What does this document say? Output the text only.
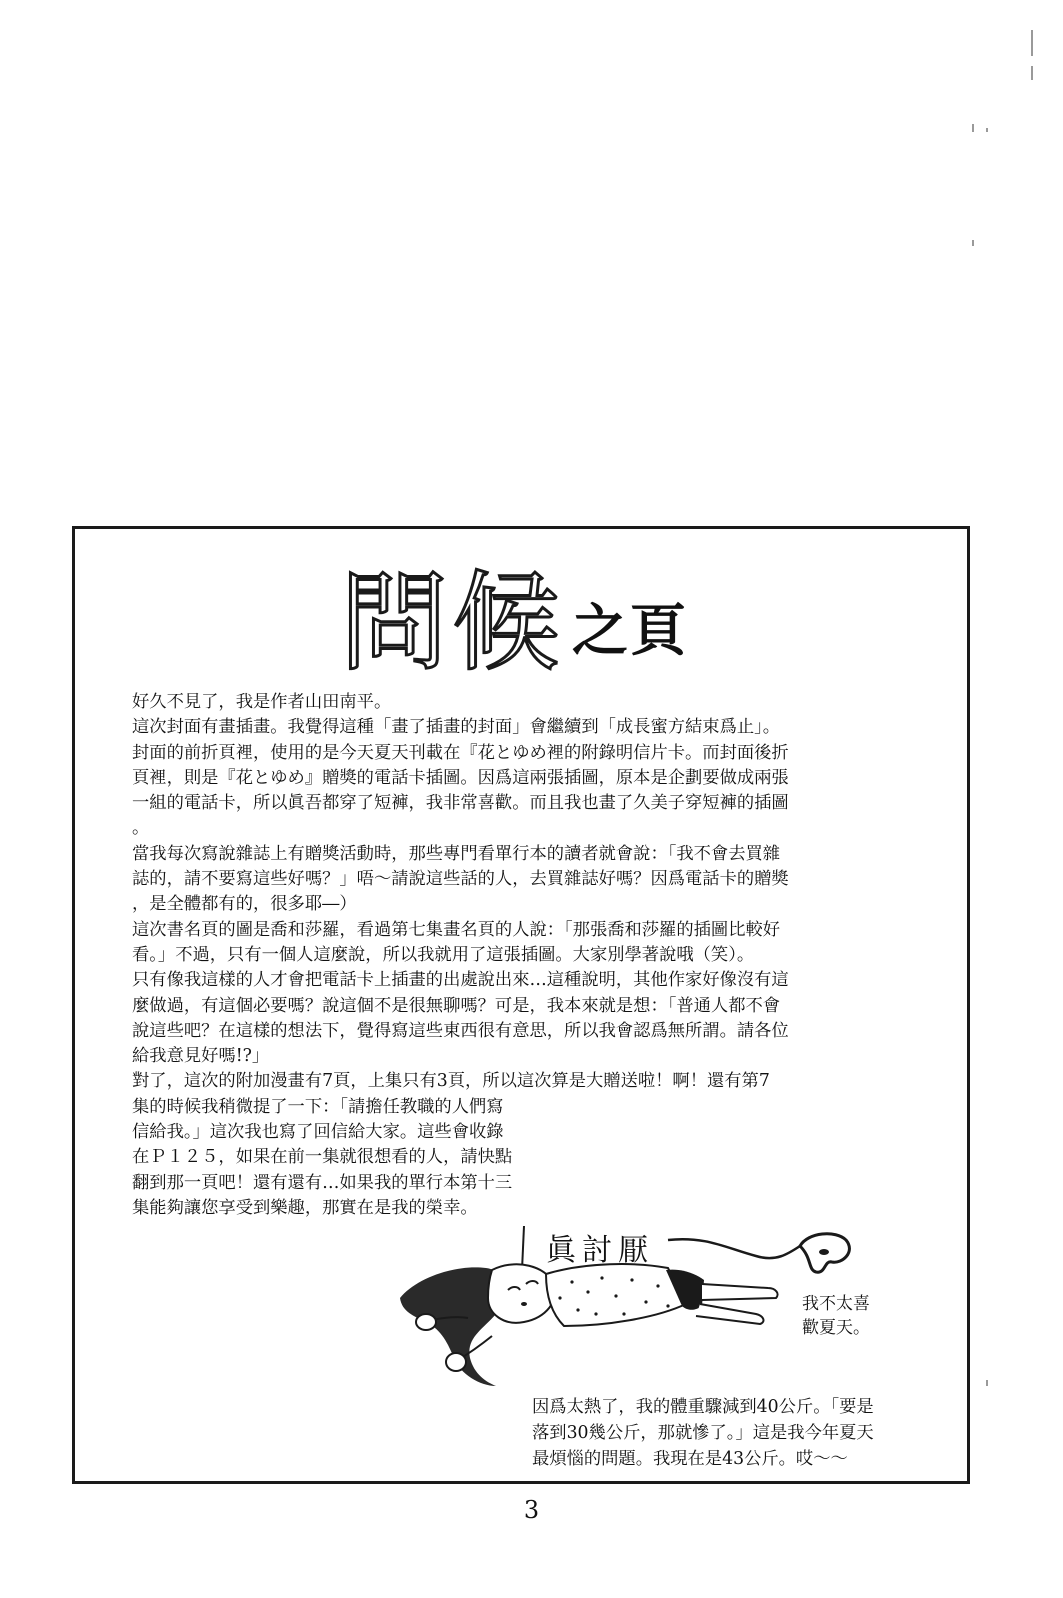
問候 之頁
好久不見了，我是作者山田南平。
這次封面有畫插畫。我覺得這種「畫了插畫的封面」會繼續到「成長蜜方結束爲止」。
封面的前折頁裡，使用的是今天夏天刊載在『花とゆめ裡的附錄明信片卡。而封面後折
頁裡，則是『花とゆめ』贈獎的電話卡插圖。因爲這兩張插圖，原本是企劃要做成兩張
一組的電話卡，所以眞吾都穿了短褲，我非常喜歡。而且我也畫了久美子穿短褲的插圖
。
當我每次寫說雜誌上有贈獎活動時，那些專門看單行本的讀者就會說：「我不會去買雜
誌的，請不要寫這些好嗎？」唔～請說這些話的人，去買雜誌好嗎？因爲電話卡的贈獎
，是全體都有的，很多耶―）
這次書名頁的圖是喬和莎羅，看過第七集畫名頁的人說：「那張喬和莎羅的插圖比較好
看。」不過，只有一個人這麼說，所以我就用了這張插圖。大家別學著說哦（笑）。
只有像我這樣的人才會把電話卡上插畫的出處說出來…這種說明，其他作家好像沒有這
麼做過，有這個必要嗎？說這個不是很無聊嗎？可是，我本來就是想：「普通人都不會
說這些吧？在這樣的想法下，覺得寫這些東西很有意思，所以我會認爲無所謂。請各位
給我意見好嗎!?」
對了，這次的附加漫畫有7頁，上集只有3頁，所以這次算是大贈送啦！啊！還有第7
集的時候我稍微提了一下：「請擔任教職的人們寫
信給我。」這次我也寫了回信給大家。這些會收錄
在Ｐ１２５，如果在前一集就很想看的人，請快點
翻到那一頁吧！還有還有…如果我的單行本第十三
集能夠讓您享受到樂趣，那實在是我的榮幸。
眞討厭
我不太喜
歡夏天。
因爲太熱了，我的體重驟減到40公斤。「要是
落到30幾公斤，那就慘了。」這是我今年夏天
最煩惱的問題。我現在是43公斤。哎～～
3
